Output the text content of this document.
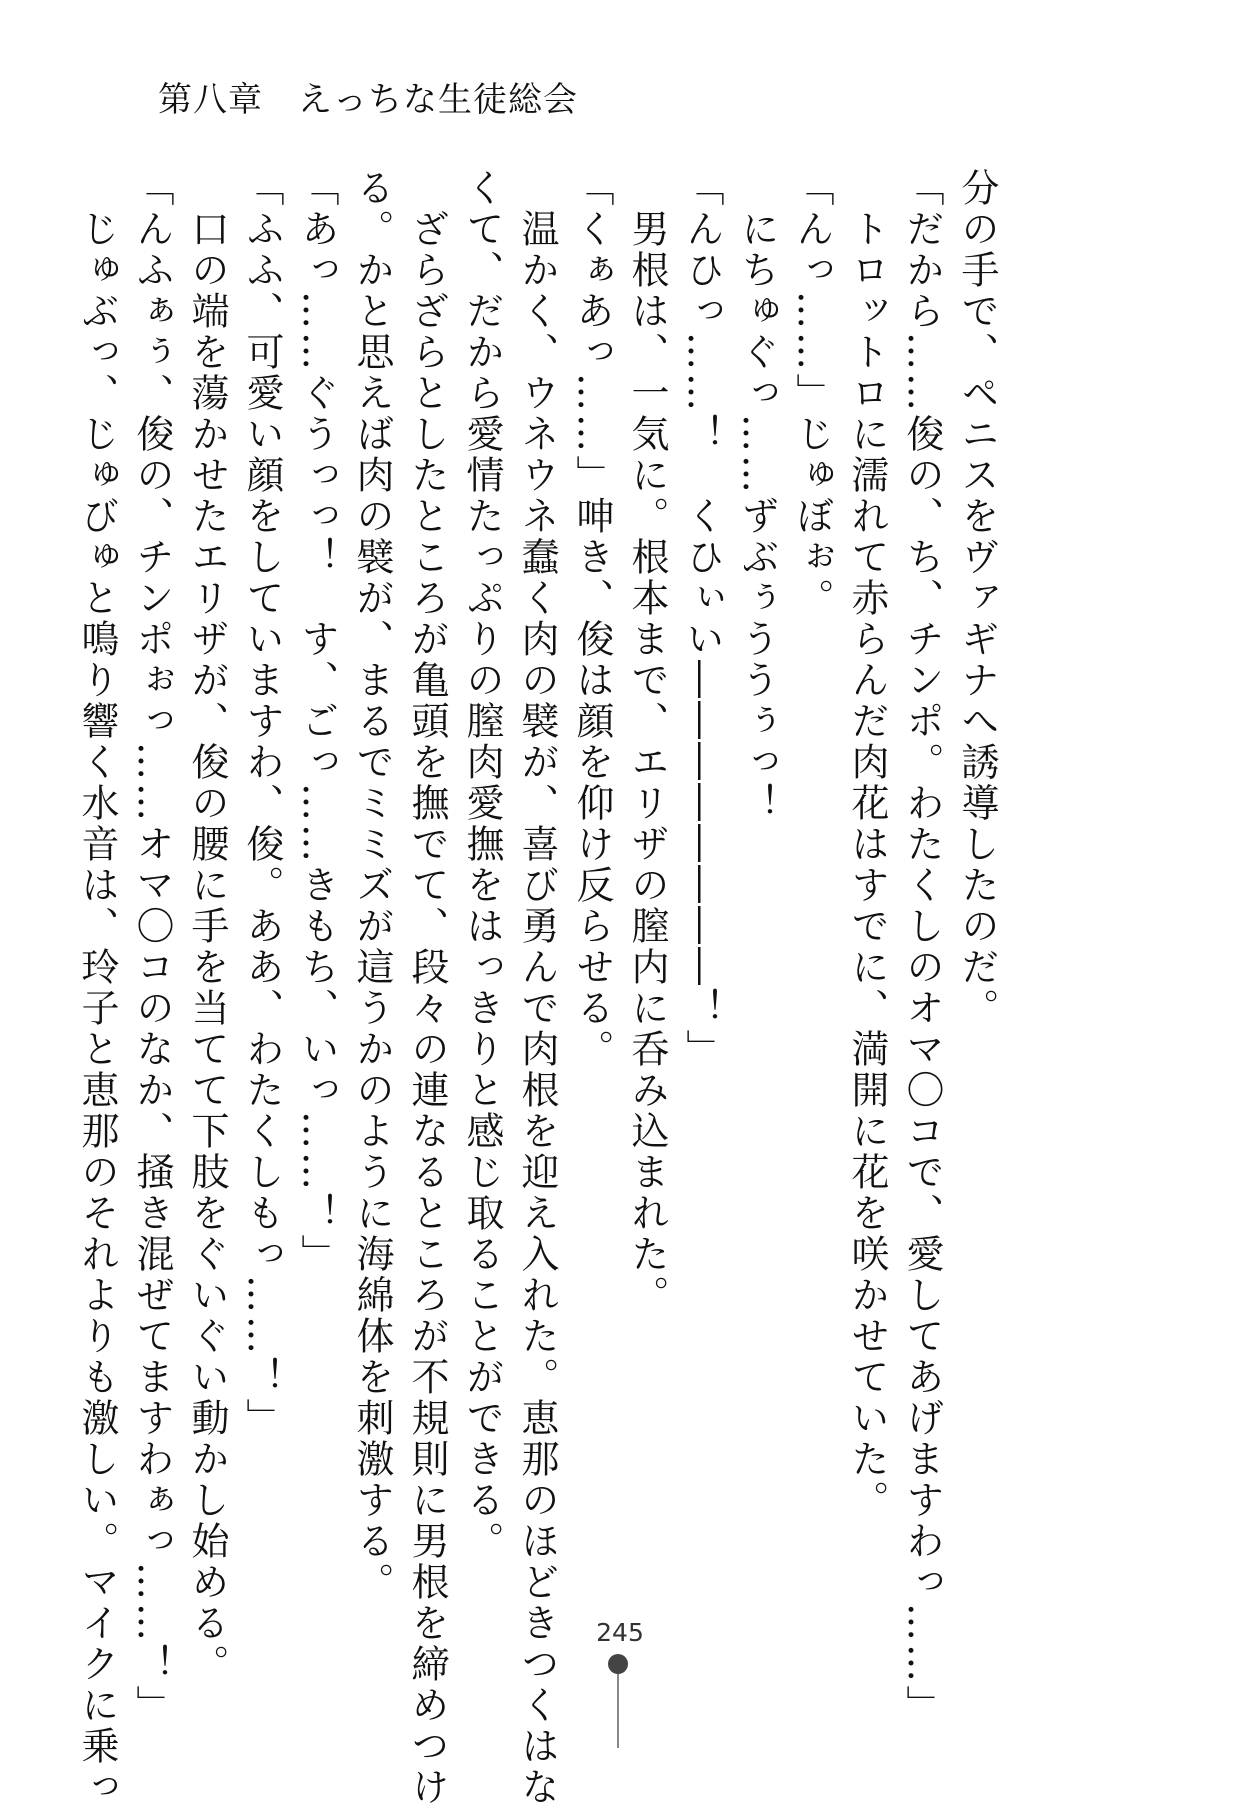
第八章　えっちな生徒総会
分の手で、ペニスをヴァギナへ誘導したのだ。
「だから……俊の、ち、チンポ。わたくしのオマ〇コで、愛してあげますわっ……」
　トロットロに濡れて赤らんだ肉花はすでに、満開に花を咲かせていた。
「んっ……」じゅぼぉ。
　にちゅぐっ……ずぶぅううぅっ！
「んひっ……！　くひぃい――――――――！」
　男根は、一気に。根本まで、エリザの膣内に呑み込まれた。
「くぁあっ……」呻き、俊は顔を仰け反らせる。
　温かく、ウネウネ蠢く肉の襞が、喜び勇んで肉根を迎え入れた。恵那のほどきつくはな
くて、だから愛情たっぷりの膣肉愛撫をはっきりと感じ取ることができる。
　ざらざらとしたところが亀頭を撫でて、段々の連なるところが不規則に男根を締めつけ
る。かと思えば肉の襞が、まるでミミズが這うかのように海綿体を刺激する。
「あっ……ぐうっっ！　す、ごっ……きもち、いっ……！」
「ふふ、可愛い顔をしていますわ、俊。ああ、わたくしもっ……！」
　口の端を蕩かせたエリザが、俊の腰に手を当てて下肢をぐいぐい動かし始める。
「んふぁぅ、俊の、チンポぉっ……オマ〇コのなか、掻き混ぜてますわぁっ……！」
　じゅぶっ、じゅびゅと鳴り響く水音は、玲子と恵那のそれよりも激しい。マイクに乗っ	245
